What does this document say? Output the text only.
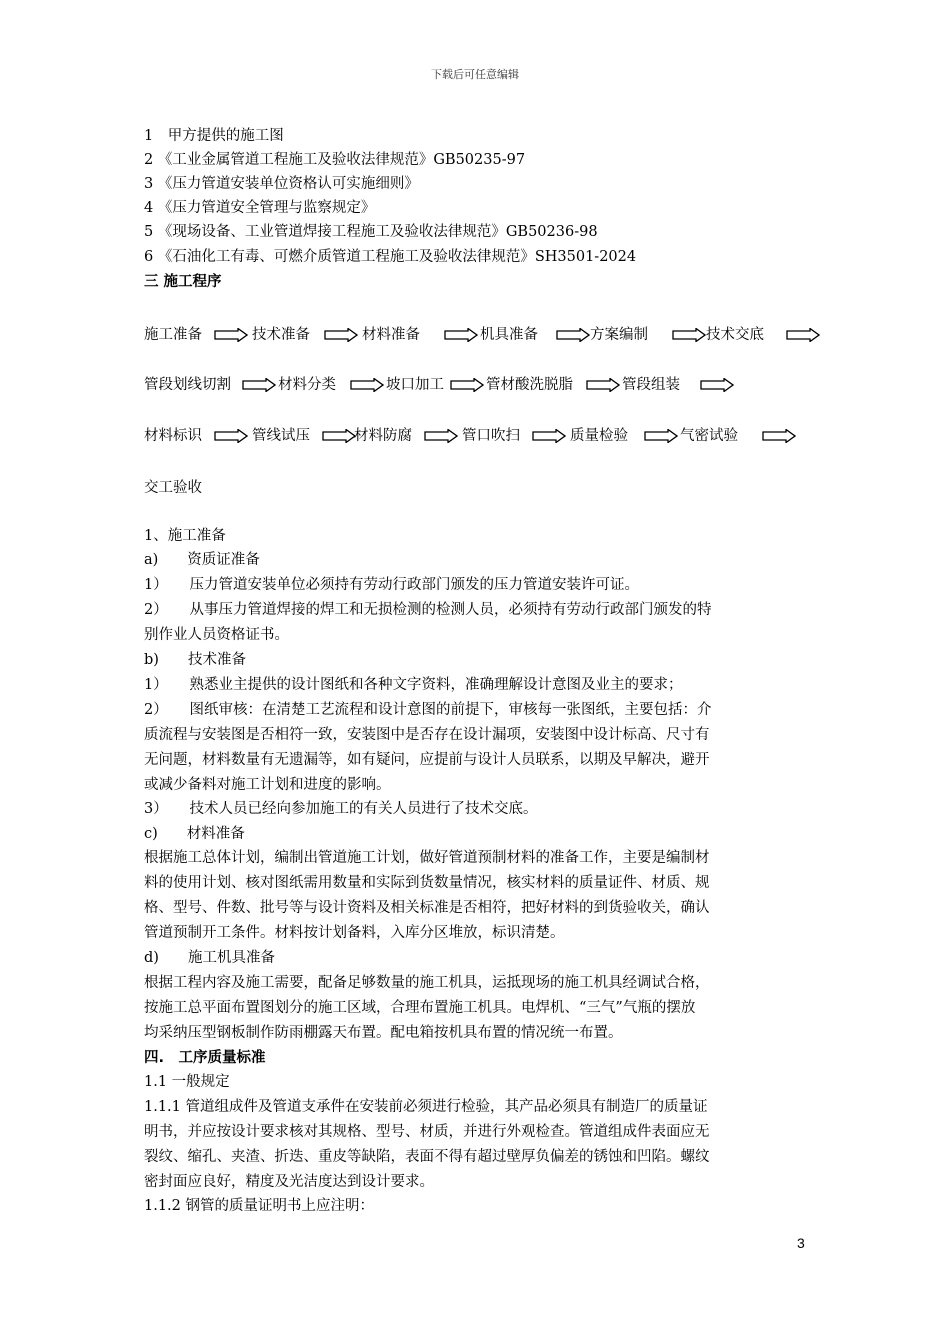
下载后可任意编辑
1　甲方提供的施工图
2 《工业金属管道工程施工及验收法律规范》GB50235-97
3 《压力管道安装单位资格认可实施细则》
4 《压力管道安全管理与监察规定》
5 《现场设备、工业管道焊接工程施工及验收法律规范》GB50236-98
6 《石油化工有毒、可燃介质管道工程施工及验收法律规范》SH3501-2024
三 施工程序
施工准备	技术准备	材料准备	机具准备	方案编制	技术交底
管段划线切割	材料分类	坡口加工	管材酸洗脱脂	管段组装
材料标识	管线试压	材料防腐	管口吹扫	质量检验	气密试验
交工验收
1、施工准备
a)　　资质证准备
1）　　压力管道安装单位必须持有劳动行政部门颁发的压力管道安装许可证。
2）　　从事压力管道焊接的焊工和无损检测的检测人员，必须持有劳动行政部门颁发的特
别作业人员资格证书。
b)　　技术准备
1）　　熟悉业主提供的设计图纸和各种文字资料，准确理解设计意图及业主的要求；
2）　　图纸审核：在清楚工艺流程和设计意图的前提下，审核每一张图纸，主要包括：介
质流程与安装图是否相符一致，安装图中是否存在设计漏项，安装图中设计标高、尺寸有
无问题，材料数量有无遗漏等，如有疑问，应提前与设计人员联系，以期及早解决，避开
或减少备料对施工计划和进度的影响。
3）　　技术人员已经向参加施工的有关人员进行了技术交底。
c)　　材料准备
根据施工总体计划，编制出管道施工计划，做好管道预制材料的准备工作，主要是编制材
料的使用计划、核对图纸需用数量和实际到货数量情况，核实材料的质量证件、材质、规
格、型号、件数、批号等与设计资料及相关标准是否相符，把好材料的到货验收关，确认
管道预制开工条件。材料按计划备料，入库分区堆放，标识清楚。
d)　　施工机具准备
根据工程内容及施工需要，配备足够数量的施工机具，运抵现场的施工机具经调试合格，
按施工总平面布置图划分的施工区域，合理布置施工机具。电焊机、“三气”气瓶的摆放
均采纳压型钢板制作防雨棚露天布置。配电箱按机具布置的情况统一布置。
四.　工序质量标准
1.1 一般规定
1.1.1 管道组成件及管道支承件在安装前必须进行检验，其产品必须具有制造厂的质量证
明书，并应按设计要求核对其规格、型号、材质，并进行外观检查。管道组成件表面应无
裂纹、缩孔、夹渣、折迭、重皮等缺陷，表面不得有超过壁厚负偏差的锈蚀和凹陷。螺纹
密封面应良好，精度及光洁度达到设计要求。
1.1.2 钢管的质量证明书上应注明：
3
